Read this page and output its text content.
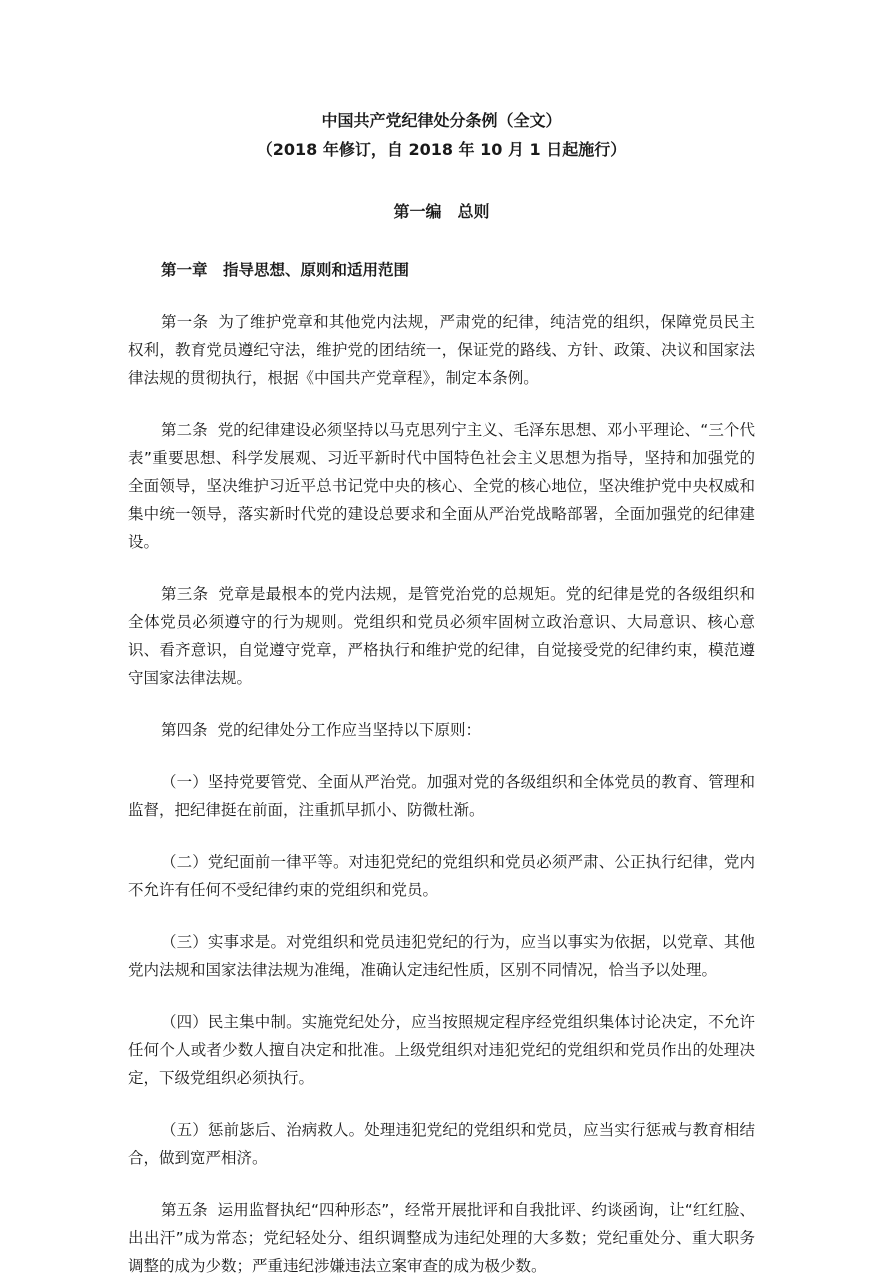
中国共产党纪律处分条例（全文）

（2018 年修订，自 2018 年 10 月 1 日起施行）

第一编　总则

第一章　指导思想、原则和适用范围

第一条 为了维护党章和其他党内法规，严肃党的纪律，纯洁党的组织，保障党员民主权利，教育党员遵纪守法，维护党的团结统一，保证党的路线、方针、政策、决议和国家法律法规的贯彻执行，根据《中国共产党章程》，制定本条例。

第二条 党的纪律建设必须坚持以马克思列宁主义、毛泽东思想、邓小平理论、“三个代表”重要思想、科学发展观、习近平新时代中国特色社会主义思想为指导，坚持和加强党的全面领导，坚决维护习近平总书记党中央的核心、全党的核心地位，坚决维护党中央权威和集中统一领导，落实新时代党的建设总要求和全面从严治党战略部署，全面加强党的纪律建设。

第三条 党章是最根本的党内法规，是管党治党的总规矩。党的纪律是党的各级组织和全体党员必须遵守的行为规则。党组织和党员必须牢固树立政治意识、大局意识、核心意识、看齐意识，自觉遵守党章，严格执行和维护党的纪律，自觉接受党的纪律约束，模范遵守国家法律法规。

第四条 党的纪律处分工作应当坚持以下原则：

（一）坚持党要管党、全面从严治党。加强对党的各级组织和全体党员的教育、管理和监督，把纪律挺在前面，注重抓早抓小、防微杜渐。

（二）党纪面前一律平等。对违犯党纪的党组织和党员必须严肃、公正执行纪律，党内不允许有任何不受纪律约束的党组织和党员。

（三）实事求是。对党组织和党员违犯党纪的行为，应当以事实为依据，以党章、其他党内法规和国家法律法规为准绳，准确认定违纪性质，区别不同情况，恰当予以处理。

（四）民主集中制。实施党纪处分，应当按照规定程序经党组织集体讨论决定，不允许任何个人或者少数人擅自决定和批准。上级党组织对违犯党纪的党组织和党员作出的处理决定，下级党组织必须执行。

（五）惩前毖后、治病救人。处理违犯党纪的党组织和党员，应当实行惩戒与教育相结合，做到宽严相济。

第五条 运用监督执纪“四种形态”，经常开展批评和自我批评、约谈函询，让“红红脸、出出汗”成为常态；党纪轻处分、组织调整成为违纪处理的大多数；党纪重处分、重大职务调整的成为少数；严重违纪涉嫌违法立案审查的成为极少数。
